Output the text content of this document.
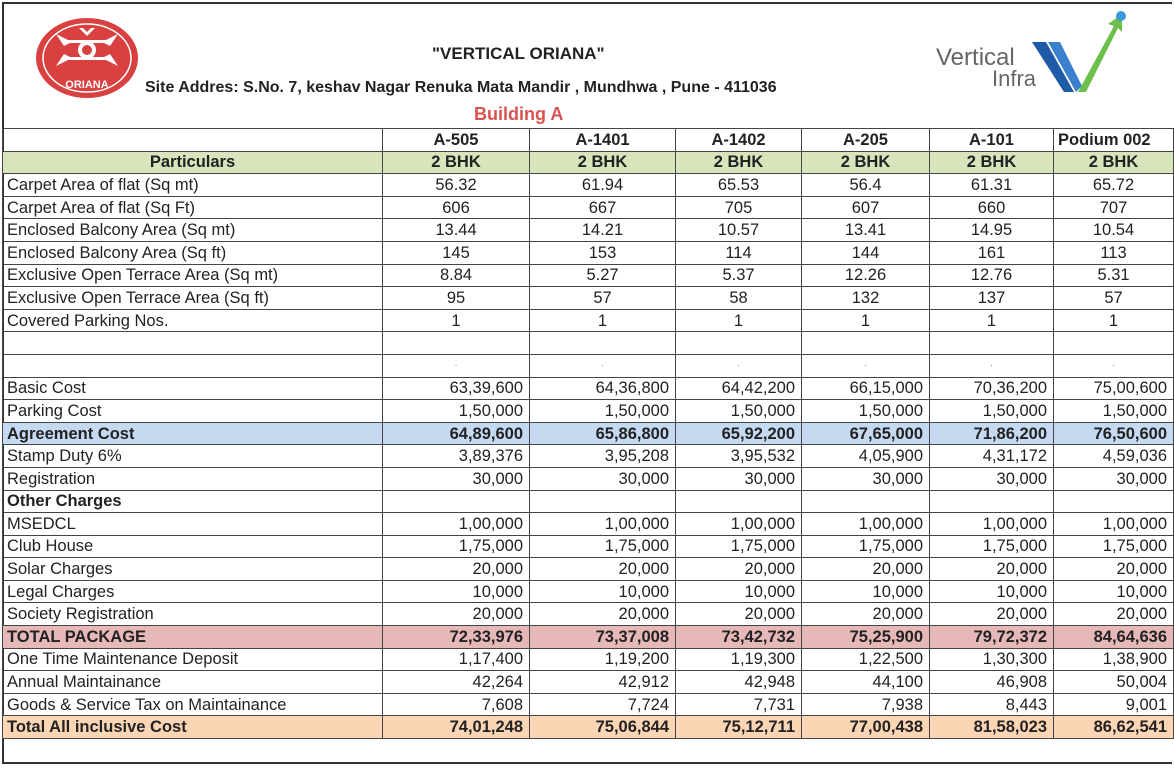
ORIANA
"VERTICAL ORIANA"
Site Addres: S.No. 7, keshav Nagar Renuka Mata Mandir , Mundhwa , Pune - 411036
Building A
Vertical
Infra
	A-505	A-1401	A-1402	A-205	A-101	Podium 002
Particulars	2 BHK	2 BHK	2 BHK	2 BHK	2 BHK	2 BHK
Carpet Area of flat (Sq mt)	56.32	61.94	65.53	56.4	61.31	65.72
Carpet Area of flat (Sq Ft)	606	667	705	607	660	707
Enclosed Balcony Area (Sq mt)	13.44	14.21	10.57	13.41	14.95	10.54
Enclosed Balcony Area (Sq ft)	145	153	114	144	161	113
Exclusive Open Terrace Area (Sq mt)	8.84	5.27	5.37	12.26	12.76	5.31
Exclusive Open Terrace Area (Sq ft)	95	57	58	132	137	57
Covered Parking Nos.	1	1	1	1	1	1

	·	·	·	·	·	·
Basic Cost	63,39,600	64,36,800	64,42,200	66,15,000	70,36,200	75,00,600
Parking Cost	1,50,000	1,50,000	1,50,000	1,50,000	1,50,000	1,50,000
Agreement Cost	64,89,600	65,86,800	65,92,200	67,65,000	71,86,200	76,50,600
Stamp Duty 6%	3,89,376	3,95,208	3,95,532	4,05,900	4,31,172	4,59,036
Registration	30,000	30,000	30,000	30,000	30,000	30,000
Other Charges						
MSEDCL	1,00,000	1,00,000	1,00,000	1,00,000	1,00,000	1,00,000
Club House	1,75,000	1,75,000	1,75,000	1,75,000	1,75,000	1,75,000
Solar Charges	20,000	20,000	20,000	20,000	20,000	20,000
Legal Charges	10,000	10,000	10,000	10,000	10,000	10,000
Society Registration	20,000	20,000	20,000	20,000	20,000	20,000
TOTAL PACKAGE	72,33,976	73,37,008	73,42,732	75,25,900	79,72,372	84,64,636
One Time Maintenance Deposit	1,17,400	1,19,200	1,19,300	1,22,500	1,30,300	1,38,900
Annual Maintainance	42,264	42,912	42,948	44,100	46,908	50,004
Goods & Service Tax on Maintainance	7,608	7,724	7,731	7,938	8,443	9,001
Total All inclusive Cost	74,01,248	75,06,844	75,12,711	77,00,438	81,58,023	86,62,541
